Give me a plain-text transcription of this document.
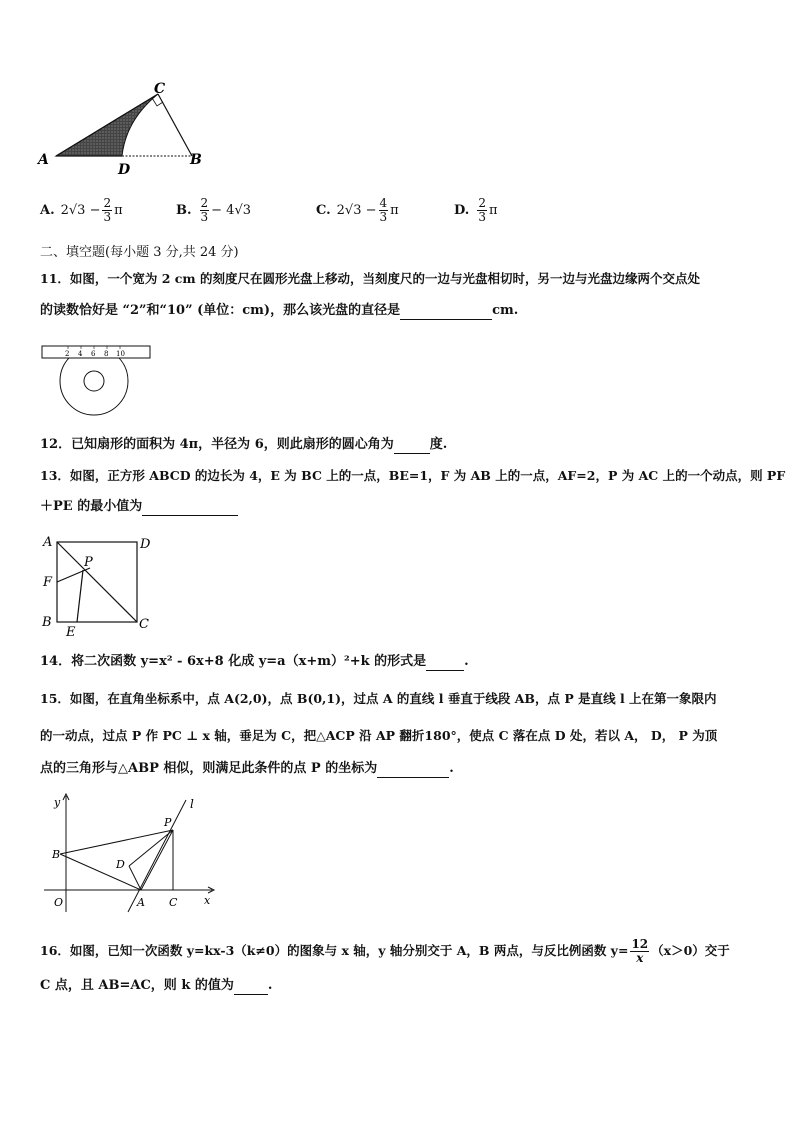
A	B
C
D
A. $2√3 - \frac{2}{3}$ π	B. $\frac{2}{3} - 4√3$	C. $2√3 - \frac{4}{3}$ π	D. $\frac{2}{3}$ π
二、填空题(每小题 3 分,共 24 分)
11．如图，一个宽为 2 cm 的刻度尺在圆形光盘上移动，当刻度尺的一边与光盘相切时，另一边与光盘边缘两个交点处
的读数恰好是 “2”和“10” (单位：cm)，那么该光盘的直径是	cm.
2 4 6 8 10
12．已知扇形的面积为 4π，半径为 6，则此扇形的圆心角为	度.
13．如图，正方形 ABCD 的边长为 4，E 为 BC 上的一点，BE=1，F 为 AB 上的一点，AF=2，P 为 AC 上的一个动点，则 PF
＋PE 的最小值为
A	D
F
P
B
E
C
14．将二次函数 y=x² - 6x+8 化成 y=a（x+m）²+k 的形式是	.
15．如图，在直角坐标系中，点 A(2,0)，点 B(0,1)，过点 A 的直线 l 垂直于线段 AB，点 P 是直线 l 上在第一象限内
的一动点，过点 P 作 PC ⊥ x 轴，垂足为 C，把△ACP 沿 AP 翻折180°，使点 C 落在点 D 处，若以 A， D， P 为顶
点的三角形与△ABP 相似，则满足此条件的点 P 的坐标为	.
y	l
P
B
D
O	A C x
16．如图，已知一次函数 y=kx-3（k≠0）的图象与 x 轴，y 轴分别交于 A，B 两点，与反比例函数 $y= \frac{12}{x} (x>0)$交于
C 点，且 AB=AC，则 k 的值为	.
